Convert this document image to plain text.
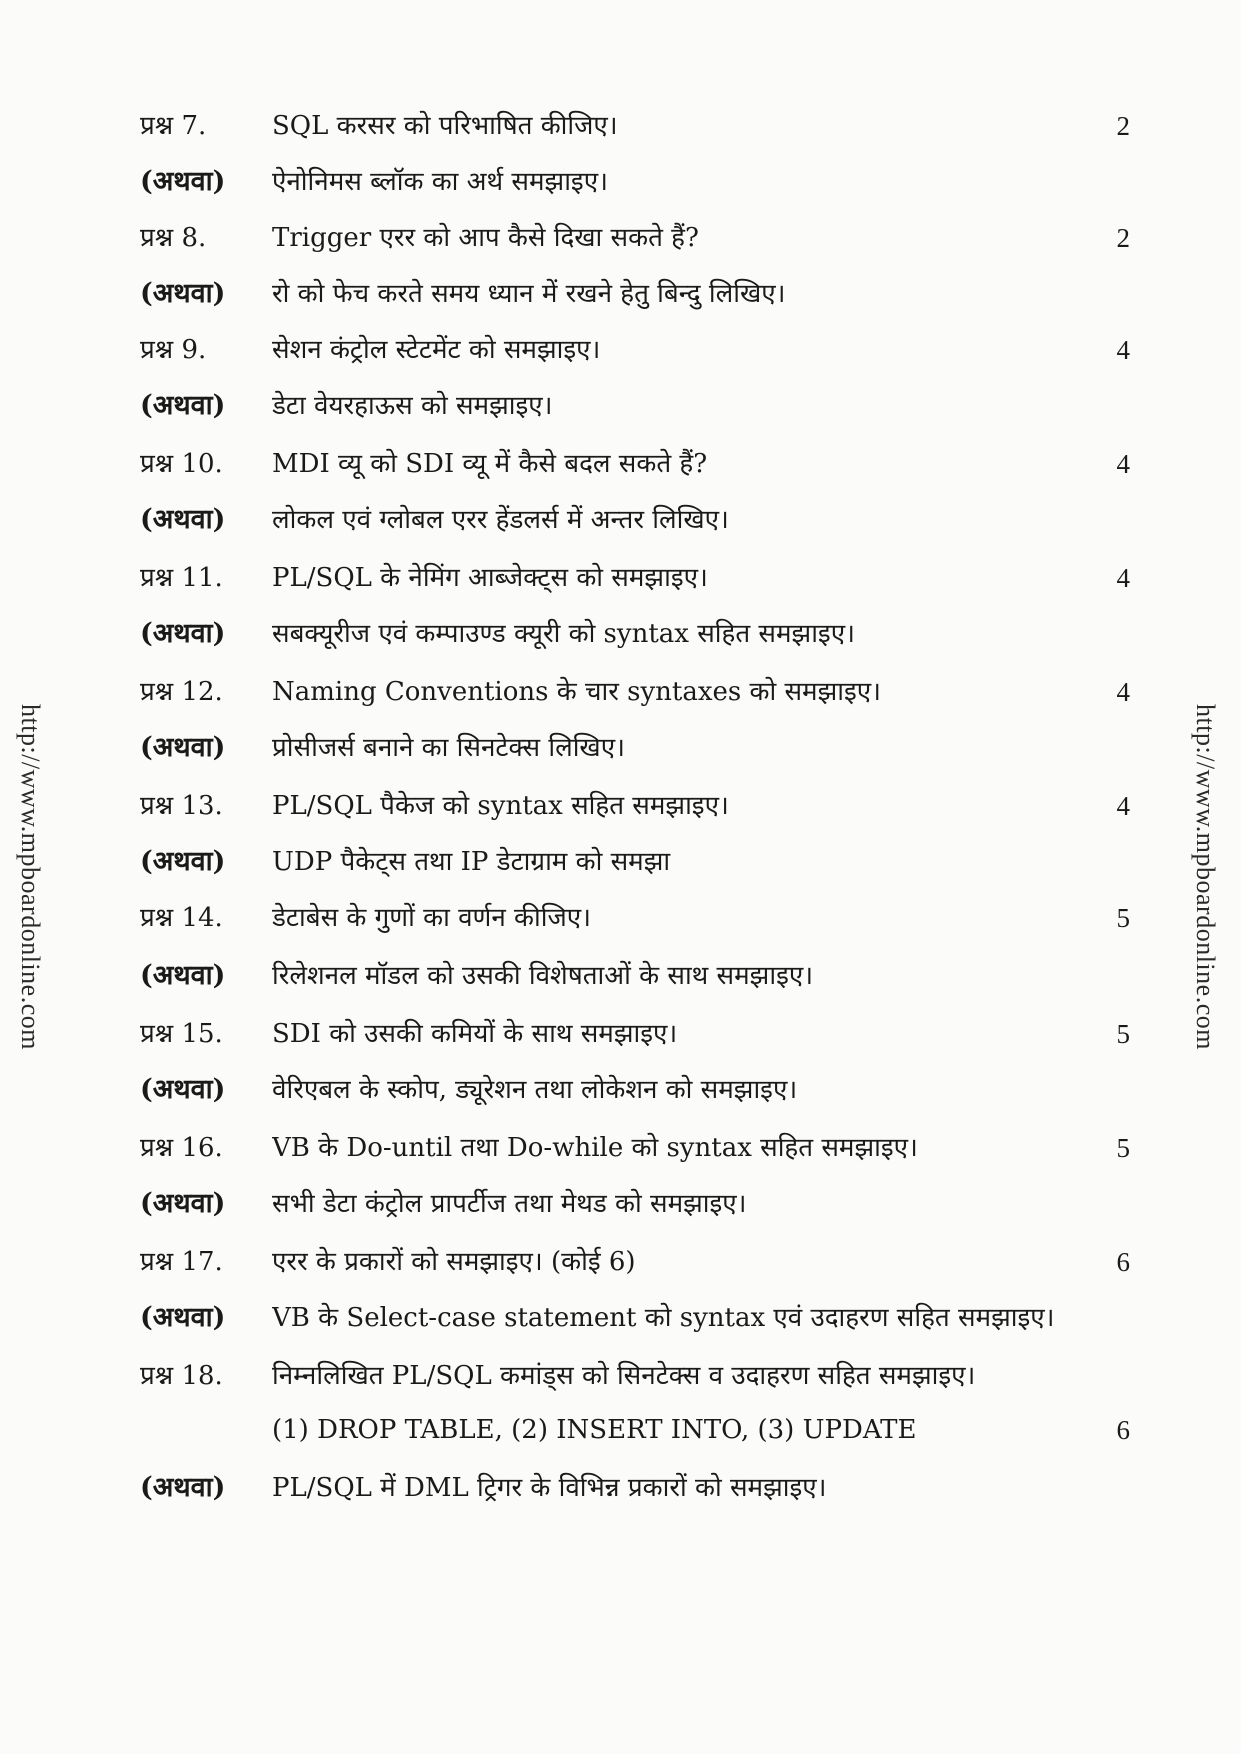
http://www.mpboardonline.com	http://www.mpboardonline.com
प्रश्न 7.	SQL करसर को परिभाषित कीजिए।	2
(अथवा)	ऐनोनिमस ब्लॉक का अर्थ समझाइए।
प्रश्न 8.	Trigger एरर को आप कैसे दिखा सकते हैं?	2
(अथवा)	रो को फेच करते समय ध्यान में रखने हेतु बिन्दु लिखिए।
प्रश्न 9.	सेशन कंट्रोल स्टेटमेंट को समझाइए।	4
(अथवा)	डेटा वेयरहाऊस को समझाइए।
प्रश्न 10.	MDI व्यू को SDI व्यू में कैसे बदल सकते हैं?	4
(अथवा)	लोकल एवं ग्लोबल एरर हेंडलर्स में अन्तर लिखिए।
प्रश्न 11.	PL/SQL के नेमिंग आब्जेक्ट्स को समझाइए।	4
(अथवा)	सबक्यूरीज एवं कम्पाउण्ड क्यूरी को syntax सहित समझाइए।
प्रश्न 12.	Naming Conventions के चार syntaxes को समझाइए।	4
(अथवा)	प्रोसीजर्स बनाने का सिनटेक्स लिखिए।
प्रश्न 13.	PL/SQL पैकेज को syntax सहित समझाइए।	4
(अथवा)	UDP पैकेट्स तथा IP डेटाग्राम को समझा
प्रश्न 14.	डेटाबेस के गुणों का वर्णन कीजिए।	5
(अथवा)	रिलेशनल मॉडल को उसकी विशेषताओं के साथ समझाइए।
प्रश्न 15.	SDI को उसकी कमियों के साथ समझाइए।	5
(अथवा)	वेरिएबल के स्कोप, ड्यूरेशन तथा लोकेशन को समझाइए।
प्रश्न 16.	VB के Do-until तथा Do-while को syntax सहित समझाइए।	5
(अथवा)	सभी डेटा कंट्रोल प्रापर्टीज तथा मेथड को समझाइए।
प्रश्न 17.	एरर के प्रकारों को समझाइए। (कोई 6)	6
(अथवा)	VB के Select-case statement को syntax एवं उदाहरण सहित समझाइए।
प्रश्न 18.	निम्नलिखित PL/SQL कमांड्स को सिनटेक्स व उदाहरण सहित समझाइए।
(1) DROP TABLE, (2) INSERT INTO, (3) UPDATE	6
(अथवा)	PL/SQL में DML ट्रिगर के विभिन्न प्रकारों को समझाइए।
